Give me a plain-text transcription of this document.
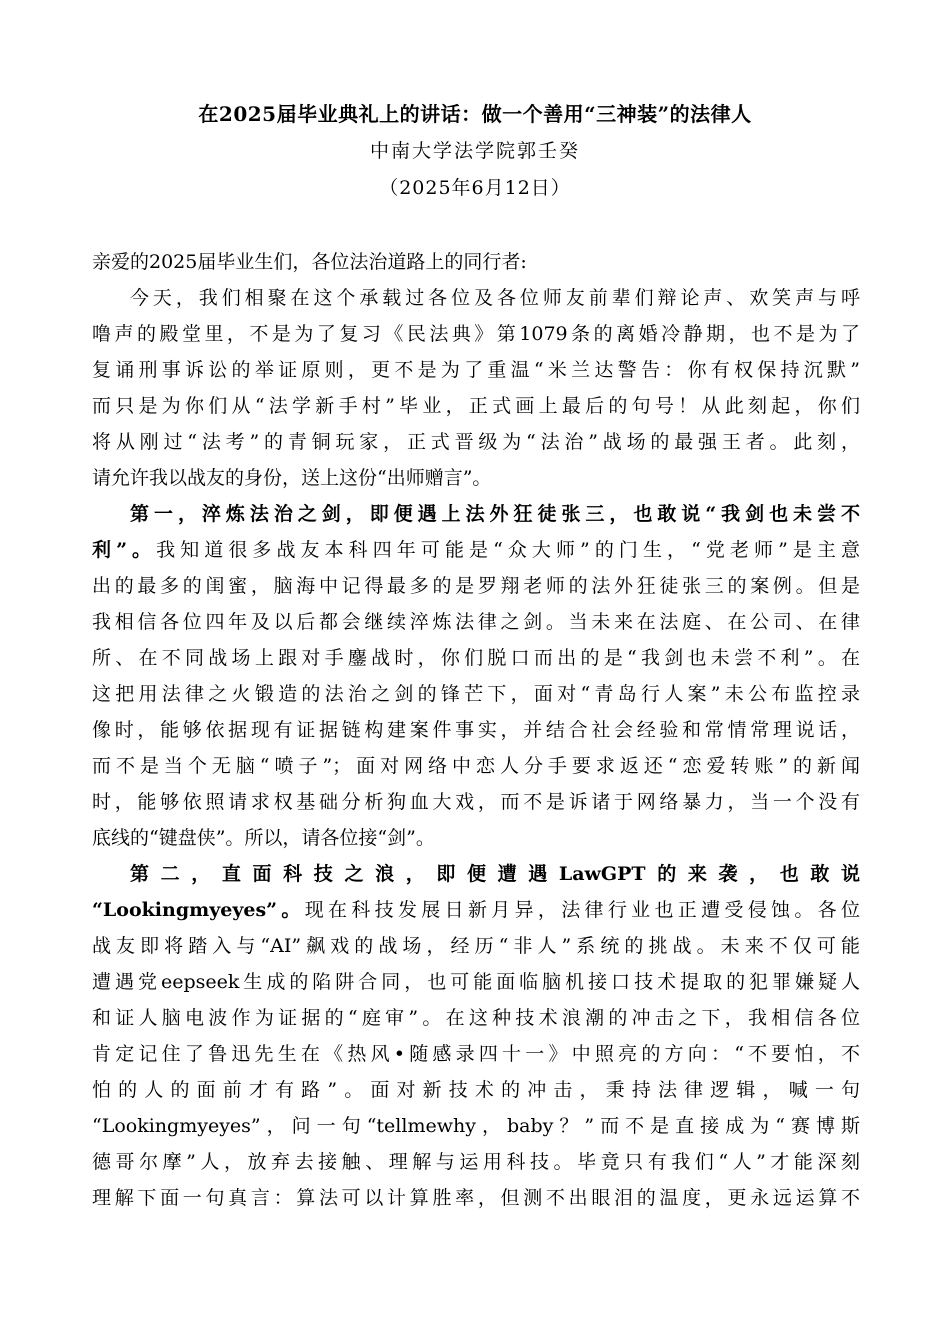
在2025届毕业典礼上的讲话：做一个善用“三神装”的法律人
中南大学法学院郭壬癸
（2025年6月12日）
亲爱的2025届毕业生们，各位法治道路上的同行者:
今天，我们相聚在这个承载过各位及各位师友前辈们辩论声、欢笑声与呼
噜声的殿堂里，不是为了复习《民法典》第1079条的离婚冷静期，也不是为了
复诵刑事诉讼的举证原则，更不是为了重温“米兰达警告：你有权保持沉默”
而只是为你们从“法学新手村”毕业，正式画上最后的句号！从此刻起，你们
将从刚过“法考”的青铜玩家，正式晋级为“法治”战场的最强王者。此刻，
请允许我以战友的身份，送上这份“出师赠言”。
第一，淬炼法治之剑，即便遇上法外狂徒张三，也敢说“我剑也未尝不
利”。我知道很多战友本科四年可能是“众大师”的门生，“党老师”是主意
出的最多的闺蜜，脑海中记得最多的是罗翔老师的法外狂徒张三的案例。但是
我相信各位四年及以后都会继续淬炼法律之剑。当未来在法庭、在公司、在律
所、在不同战场上跟对手鏖战时，你们脱口而出的是“我剑也未尝不利”。在
这把用法律之火锻造的法治之剑的锋芒下，面对“青岛行人案”未公布监控录
像时，能够依据现有证据链构建案件事实，并结合社会经验和常情常理说话，
而不是当个无脑“喷子”；面对网络中恋人分手要求返还“恋爱转账”的新闻
时，能够依照请求权基础分析狗血大戏，而不是诉诸于网络暴力，当一个没有
底线的“键盘侠”。所以，请各位接“剑”。
第二，直面科技之浪，即便遭遇LawGPT的来袭，也敢说
“Lookingmyeyes”。现在科技发展日新月异，法律行业也正遭受侵蚀。各位
战友即将踏入与“AI”飙戏的战场，经历“非人”系统的挑战。未来不仅可能
遭遇党eepseek生成的陷阱合同，也可能面临脑机接口技术提取的犯罪嫌疑人
和证人脑电波作为证据的“庭审”。在这种技术浪潮的冲击之下，我相信各位
肯定记住了鲁迅先生在《热风•随感录四十一》中照亮的方向：“不要怕，不
怕的人的面前才有路”。面对新技术的冲击，秉持法律逻辑，喊一句
“Lookingmyeyes”，问一句“tellmewhy，baby？”而不是直接成为“赛博斯
德哥尔摩”人，放弃去接触、理解与运用科技。毕竟只有我们“人”才能深刻
理解下面一句真言：算法可以计算胜率，但测不出眼泪的温度，更永远运算不
